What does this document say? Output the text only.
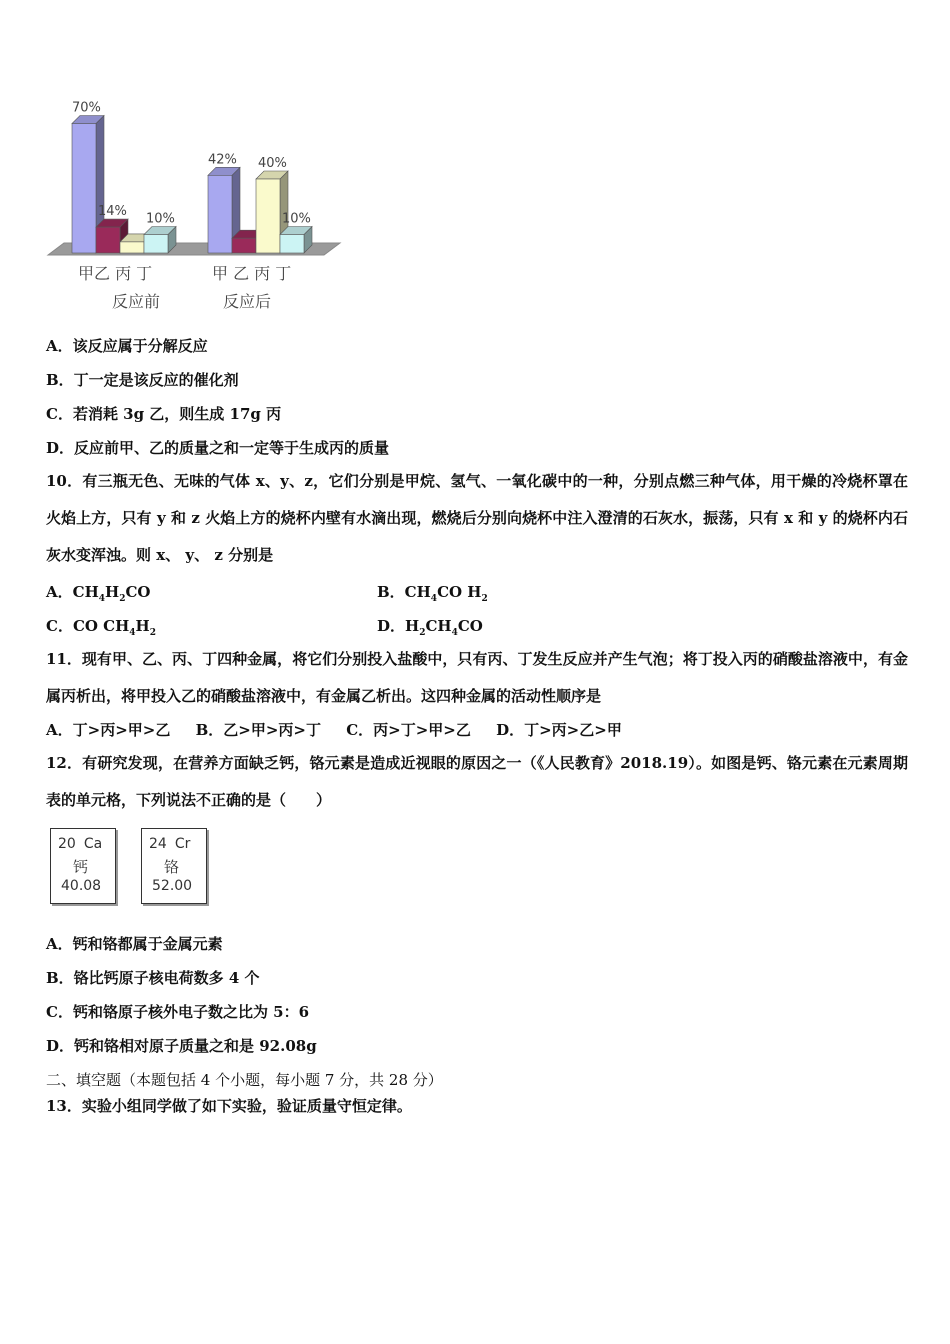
70%
14% 10%
42% 40%
10%
甲乙 丙 丁	甲 乙 丙 丁
反应前	反应后
A．该反应属于分解反应
B．丁一定是该反应的催化剂
C．若消耗 3g 乙，则生成 17g 丙
D．反应前甲、乙的质量之和一定等于生成丙的质量
10．有三瓶无色、无味的气体 x、y、z，它们分别是甲烷、氢气、一氧化碳中的一种，分别点燃三种气体，用干燥的冷烧杯罩在火焰上方，只有 y 和 z 火焰上方的烧杯内壁有水滴出现，燃烧后分别向烧杯中注入澄清的石灰水，振荡，只有 x 和 y 的烧杯内石灰水变浑浊。则 x、 y、 z 分别是
A．$CH_4H_2CO$	B．$CH_4CO$ $H_2$
C．CO $CH_4H_2$	D．$H_2CH_4CO$
11．现有甲、乙、丙、丁四种金属，将它们分别投入盐酸中，只有丙、丁发生反应并产生气泡；将丁投入丙的硝酸盐溶液中，有金属丙析出，将甲投入乙的硝酸盐溶液中，有金属乙析出。这四种金属的活动性顺序是
A．丁>丙>甲>乙 B．乙>甲>丙>丁 C．丙>丁>甲>乙 D．丁>丙>乙>甲
12．有研究发现，在营养方面缺乏钙，铬元素是造成近视眼的原因之一（《人民教育》2018.19）。如图是钙、铬元素在元素周期表的单元格，下列说法不正确的是（　　）
20 Ca
钙
40.08
24 Cr
铬
52.00
A．钙和铬都属于金属元素
B．铬比钙原子核电荷数多 4 个
C．钙和铬原子核外电子数之比为 5：6
D．钙和铬相对原子质量之和是 92.08g
二、填空题（本题包括 4 个小题，每小题 7 分，共 28 分）
13．实验小组同学做了如下实验，验证质量守恒定律。
